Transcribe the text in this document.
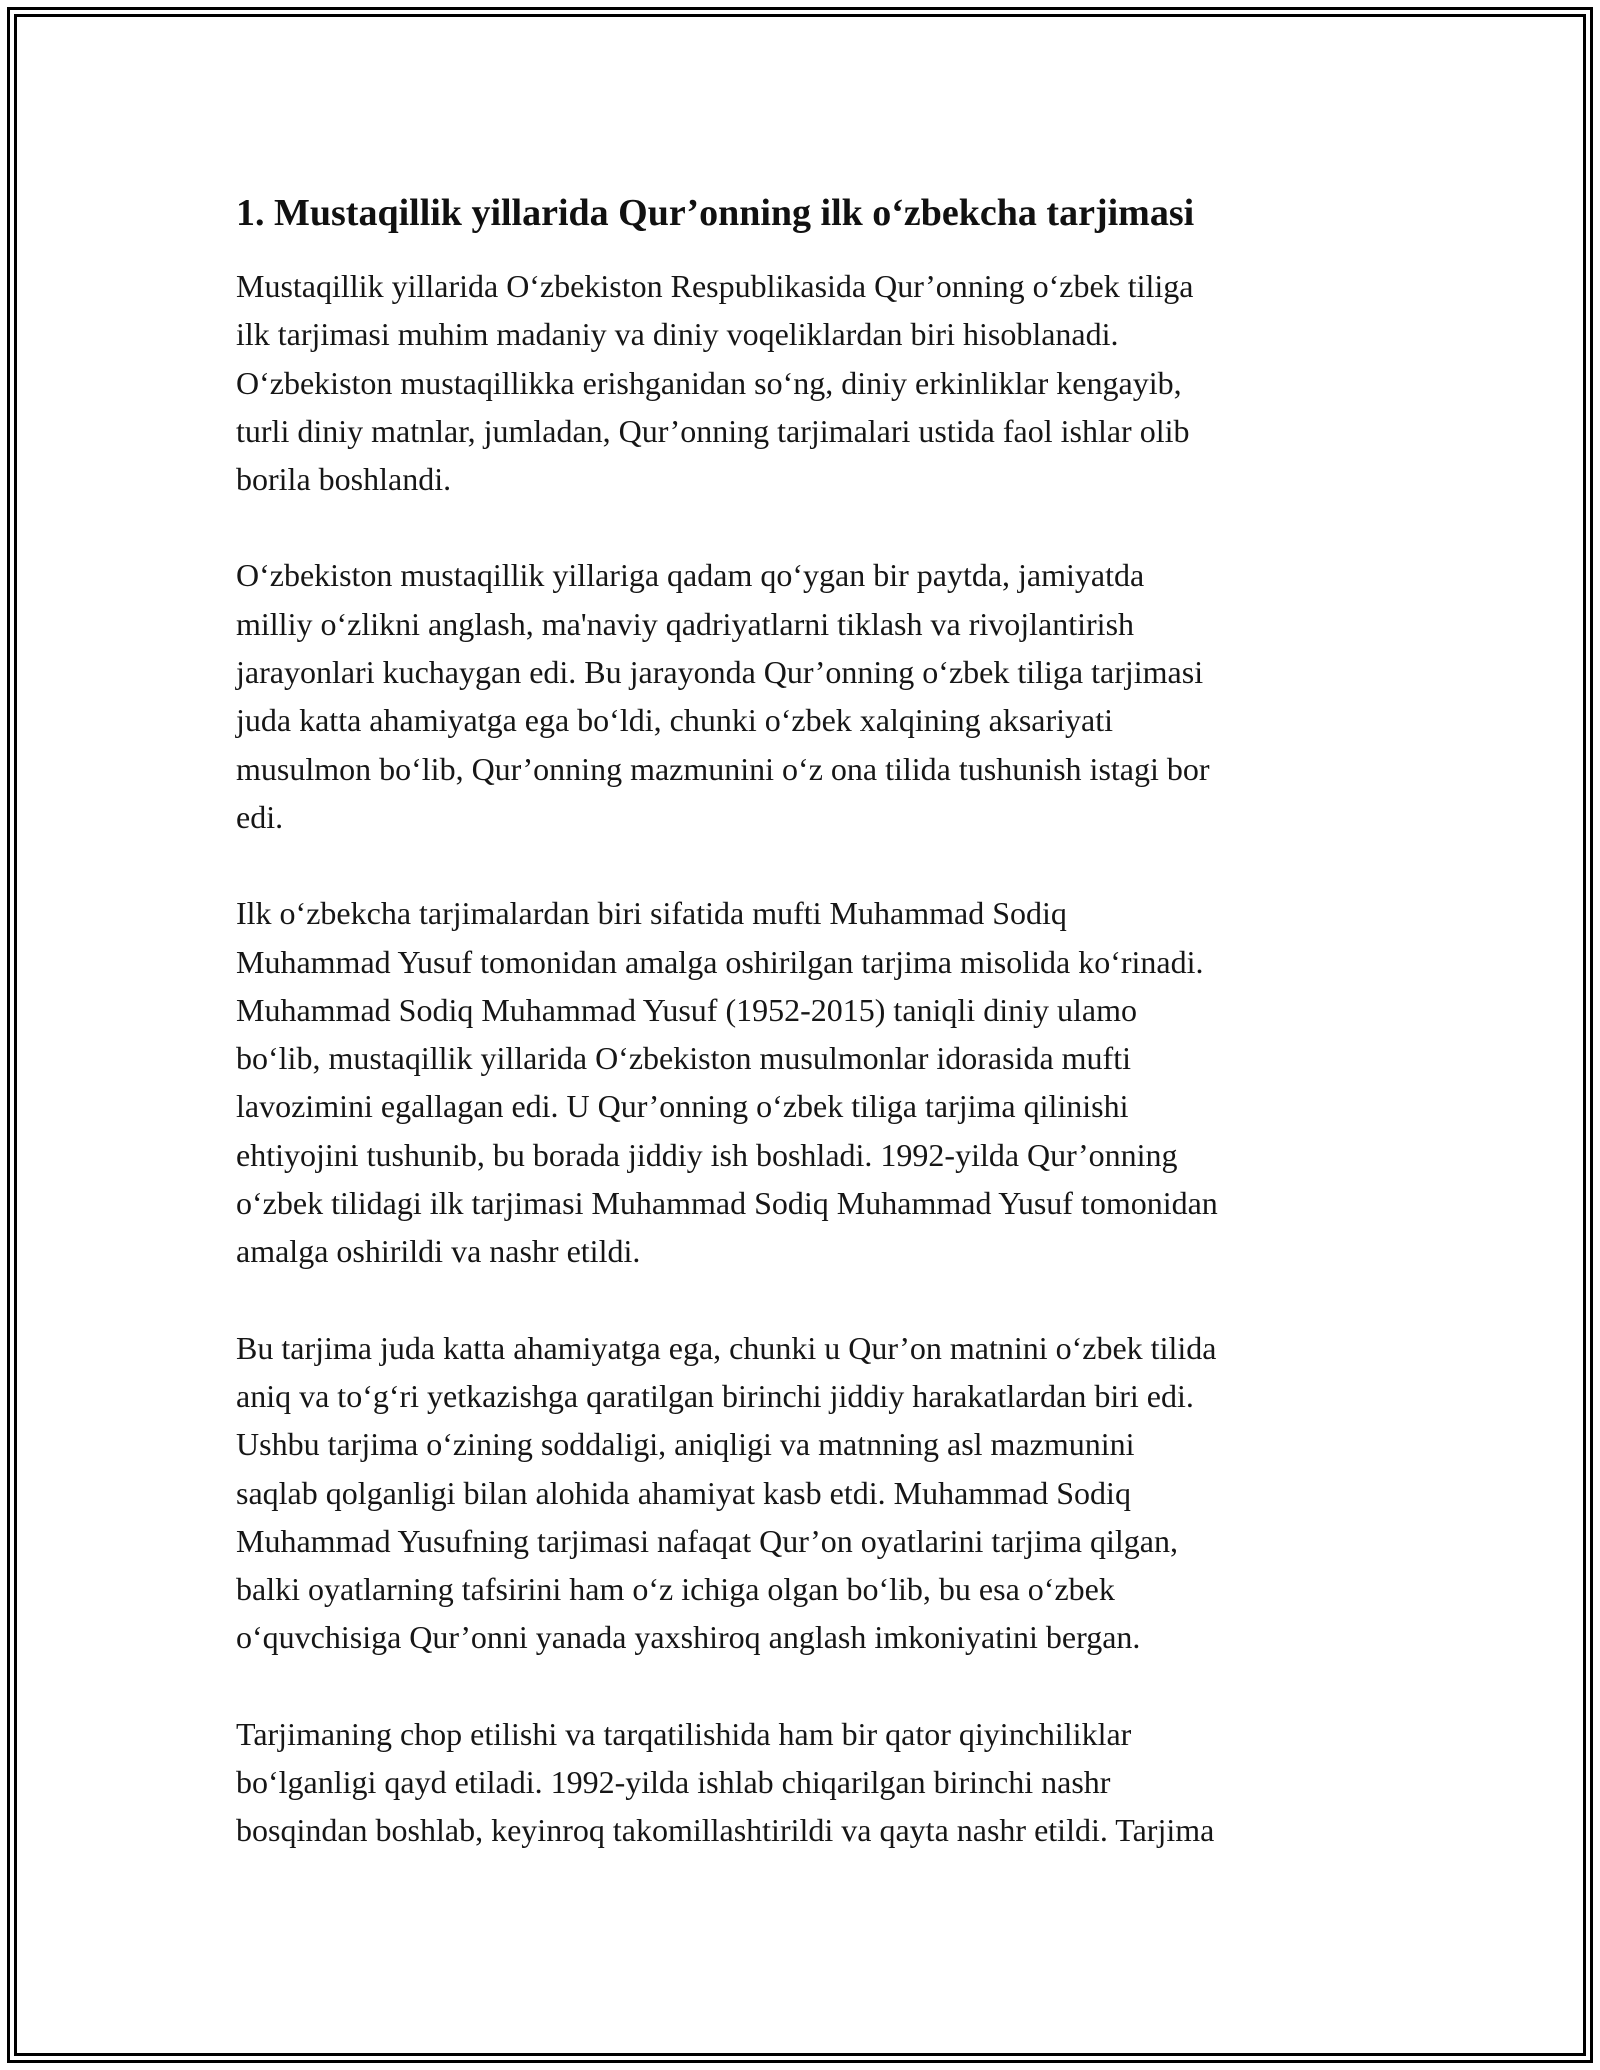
1. Mustaqillik yillarida Qur’onning ilk o‘zbekcha tarjimasi

Mustaqillik yillarida O‘zbekiston Respublikasida Qur’onning o‘zbek tiliga
ilk tarjimasi muhim madaniy va diniy voqeliklardan biri hisoblanadi.
O‘zbekiston mustaqillikka erishganidan so‘ng, diniy erkinliklar kengayib,
turli diniy matnlar, jumladan, Qur’onning tarjimalari ustida faol ishlar olib
borila boshlandi.

O‘zbekiston mustaqillik yillariga qadam qo‘ygan bir paytda, jamiyatda
milliy o‘zlikni anglash, ma'naviy qadriyatlarni tiklash va rivojlantirish
jarayonlari kuchaygan edi. Bu jarayonda Qur’onning o‘zbek tiliga tarjimasi
juda katta ahamiyatga ega bo‘ldi, chunki o‘zbek xalqining aksariyati
musulmon bo‘lib, Qur’onning mazmunini o‘z ona tilida tushunish istagi bor
edi.

Ilk o‘zbekcha tarjimalardan biri sifatida mufti Muhammad Sodiq
Muhammad Yusuf tomonidan amalga oshirilgan tarjima misolida ko‘rinadi.
Muhammad Sodiq Muhammad Yusuf (1952-2015) taniqli diniy ulamo
bo‘lib, mustaqillik yillarida O‘zbekiston musulmonlar idorasida mufti
lavozimini egallagan edi. U Qur’onning o‘zbek tiliga tarjima qilinishi
ehtiyojini tushunib, bu borada jiddiy ish boshladi. 1992-yilda Qur’onning
o‘zbek tilidagi ilk tarjimasi Muhammad Sodiq Muhammad Yusuf tomonidan
amalga oshirildi va nashr etildi.

Bu tarjima juda katta ahamiyatga ega, chunki u Qur’on matnini o‘zbek tilida
aniq va to‘g‘ri yetkazishga qaratilgan birinchi jiddiy harakatlardan biri edi.
Ushbu tarjima o‘zining soddaligi, aniqligi va matnning asl mazmunini
saqlab qolganligi bilan alohida ahamiyat kasb etdi. Muhammad Sodiq
Muhammad Yusufning tarjimasi nafaqat Qur’on oyatlarini tarjima qilgan,
balki oyatlarning tafsirini ham o‘z ichiga olgan bo‘lib, bu esa o‘zbek
o‘quvchisiga Qur’onni yanada yaxshiroq anglash imkoniyatini bergan.

Tarjimaning chop etilishi va tarqatilishida ham bir qator qiyinchiliklar
bo‘lganligi qayd etiladi. 1992-yilda ishlab chiqarilgan birinchi nashr
bosqindan boshlab, keyinroq takomillashtirildi va qayta nashr etildi. Tarjima
